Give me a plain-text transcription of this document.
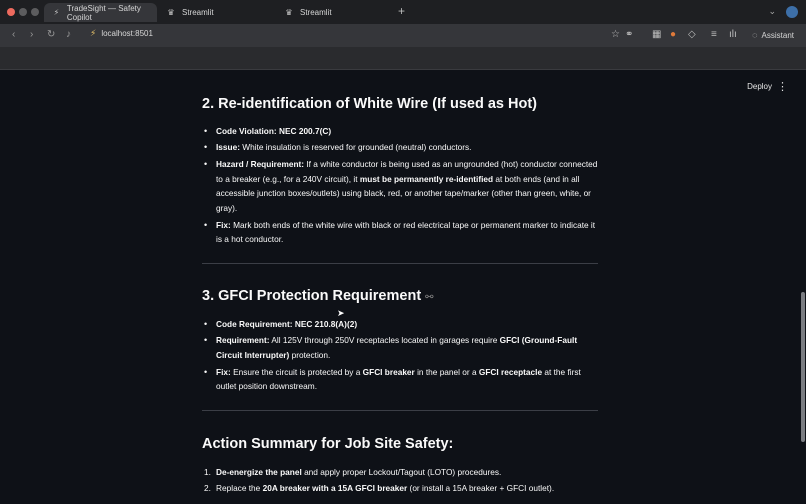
⚡ TradeSight — Safety Copilot
♛ Streamlit	♛ Streamlit	+	⌄
‹ › ↻ ♪ ⚡ localhost:8501	☆ ⚭ ▦ ● ◇ ≡ ılı ◌ Assistant
Deploy ⋮
2. Re-identification of White Wire (If used as Hot)
• Code Violation: NEC 200.7(C)
• Issue: White insulation is reserved for grounded (neutral) conductors.
• Hazard / Requirement: If a white conductor is being used as an ungrounded (hot) conductor connected to a breaker (e.g., for a 240V circuit), it must be permanently re-identified at both ends (and in all accessible junction boxes/outlets) using black, red, or another tape/marker (other than green, white, or gray).
• Fix: Mark both ends of the white wire with black or red electrical tape or permanent marker to indicate it is a hot conductor.
3. GFCI Protection Requirement ⚯
• Code Requirement: NEC 210.8(A)(2)
• Requirement: All 125V through 250V receptacles located in garages require GFCI (Ground-Fault Circuit Interrupter) protection.
• Fix: Ensure the circuit is protected by a GFCI breaker in the panel or a GFCI receptacle at the first outlet position downstream.
Action Summary for Job Site Safety:
1. De-energize the panel and apply proper Lockout/Tagout (LOTO) procedures.
2. Replace the 20A breaker with a 15A GFCI breaker (or install a 15A breaker + GFCI outlet).
➤
